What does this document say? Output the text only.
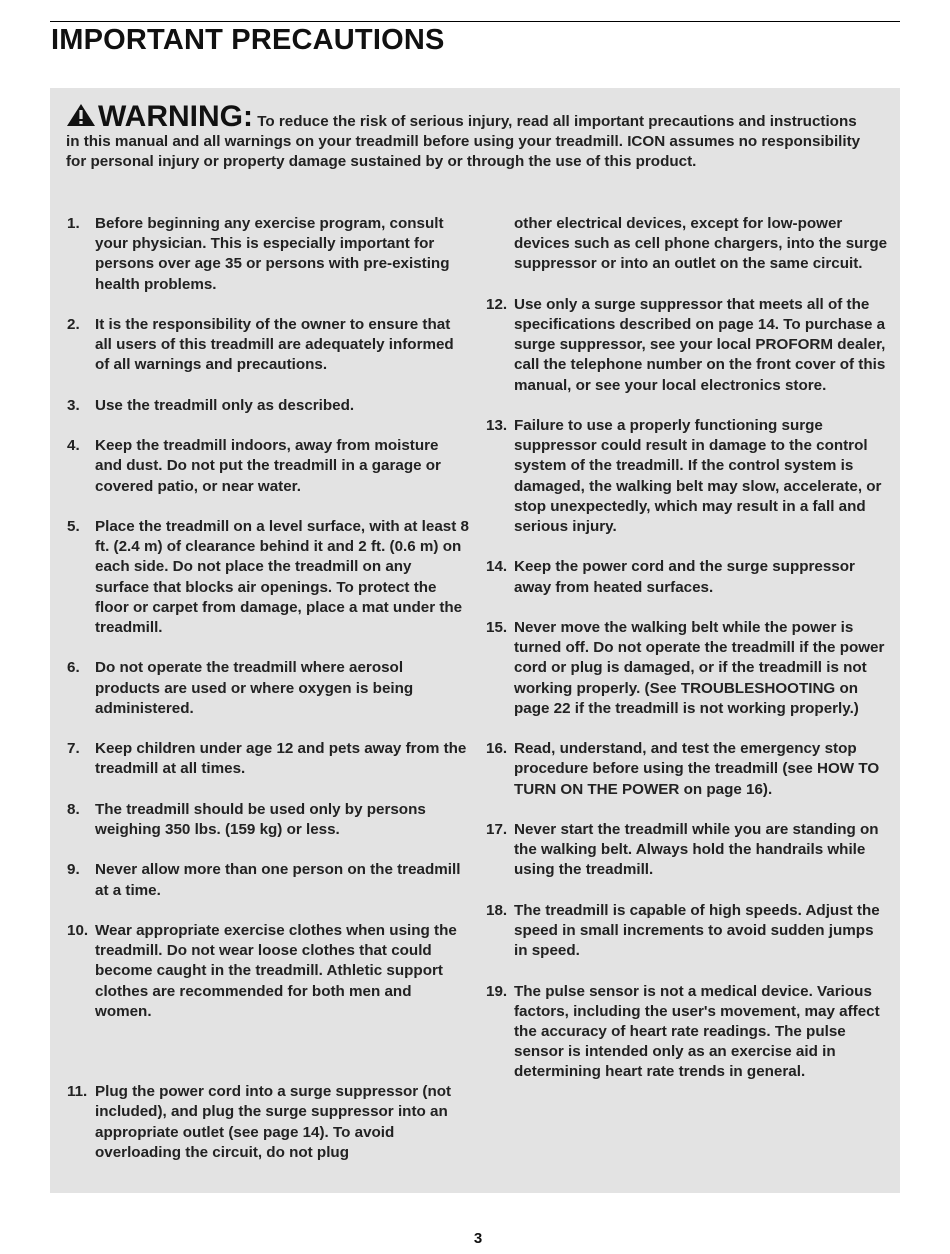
IMPORTANT PRECAUTIONS
WARNING: To reduce the risk of serious injury, read all important precautions and instructions in this manual and all warnings on your treadmill before using your treadmill. ICON assumes no responsibility for personal injury or property damage sustained by or through the use of this product.
1.	Before beginning any exercise program, consult your physician. This is especially important for persons over age 35 or persons with pre-existing health problems.
2.	It is the responsibility of the owner to ensure that all users of this treadmill are adequately informed of all warnings and precautions.
3.	Use the treadmill only as described.
4.	Keep the treadmill indoors, away from moisture and dust. Do not put the treadmill in a garage or covered patio, or near water.
5.	Place the treadmill on a level surface, with at least 8 ft. (2.4 m) of clearance behind it and 2 ft. (0.6 m) on each side. Do not place the treadmill on any surface that blocks air openings. To protect the floor or carpet from damage, place a mat under the treadmill.
6.	Do not operate the treadmill where aerosol products are used or where oxygen is being administered.
7.	Keep children under age 12 and pets away from the treadmill at all times.
8.	The treadmill should be used only by persons weighing 350 lbs. (159 kg) or less.
9.	Never allow more than one person on the treadmill at a time.
10. Wear appropriate exercise clothes when using the treadmill. Do not wear loose clothes that could become caught in the treadmill. Athletic support clothes are recommended for both men and women.
11. Plug the power cord into a surge suppressor (not included), and plug the surge suppressor into an appropriate outlet (see page 14). To avoid overloading the circuit, do not plug
other electrical devices, except for low-power devices such as cell phone chargers, into the surge suppressor or into an outlet on the same circuit.
12. Use only a surge suppressor that meets all of the specifications described on page 14. To purchase a surge suppressor, see your local PROFORM dealer, call the telephone number on the front cover of this manual, or see your local electronics store.
13. Failure to use a properly functioning surge suppressor could result in damage to the control system of the treadmill. If the control system is damaged, the walking belt may slow, accelerate, or stop unexpectedly, which may result in a fall and serious injury.
14. Keep the power cord and the surge suppressor away from heated surfaces.
15. Never move the walking belt while the power is turned off. Do not operate the treadmill if the power cord or plug is damaged, or if the treadmill is not working properly. (See TROUBLESHOOTING on page 22 if the treadmill is not working properly.)
16. Read, understand, and test the emergency stop procedure before using the treadmill (see HOW TO TURN ON THE POWER on page 16).
17. Never start the treadmill while you are standing on the walking belt. Always hold the handrails while using the treadmill.
18. The treadmill is capable of high speeds. Adjust the speed in small increments to avoid sudden jumps in speed.
19. The pulse sensor is not a medical device. Various factors, including the user's movement, may affect the accuracy of heart rate readings. The pulse sensor is intended only as an exercise aid in determining heart rate trends in general.
3
